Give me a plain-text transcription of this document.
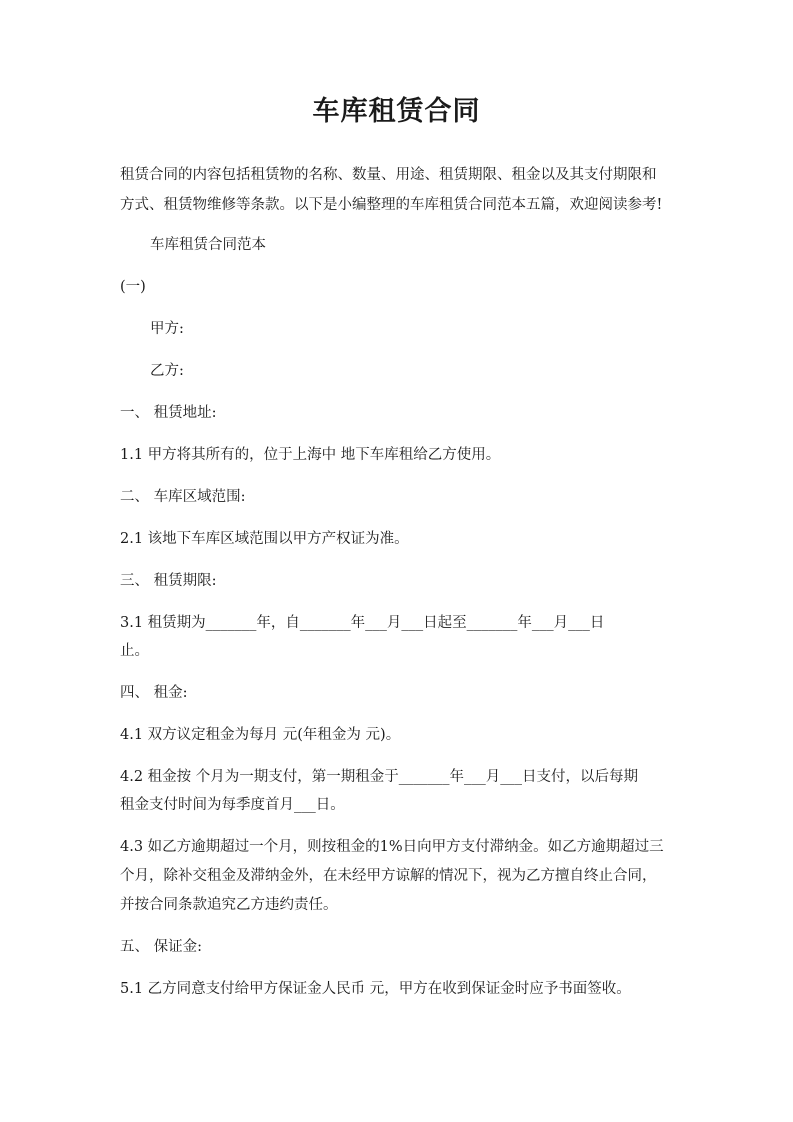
车库租赁合同

租赁合同的内容包括租赁物的名称、数量、用途、租赁期限、租金以及其支付期限和

方式、租赁物维修等条款。以下是小编整理的车库租赁合同范本五篇，欢迎阅读参考!

车库租赁合同范本

(一)

甲方:

乙方:

一、 租赁地址:

1.1 甲方将其所有的，位于上海中 地下车库租给乙方使用。

二、 车库区域范围:

2.1 该地下车库区域范围以甲方产权证为准。

三、 租赁期限:

3.1 租赁期为_______年，自_______年___月___日起至_______年___月___日

止。

四、 租金:

4.1 双方议定租金为每月 元(年租金为 元)。

4.2 租金按 个月为一期支付，第一期租金于_______年___月___日支付，以后每期

租金支付时间为每季度首月___日。

4.3 如乙方逾期超过一个月，则按租金的1%日向甲方支付滞纳金。如乙方逾期超过三

个月，除补交租金及滞纳金外，在未经甲方谅解的情况下，视为乙方擅自终止合同，

并按合同条款追究乙方违约责任。

五、 保证金:

5.1 乙方同意支付给甲方保证金人民币 元，甲方在收到保证金时应予书面签收。
